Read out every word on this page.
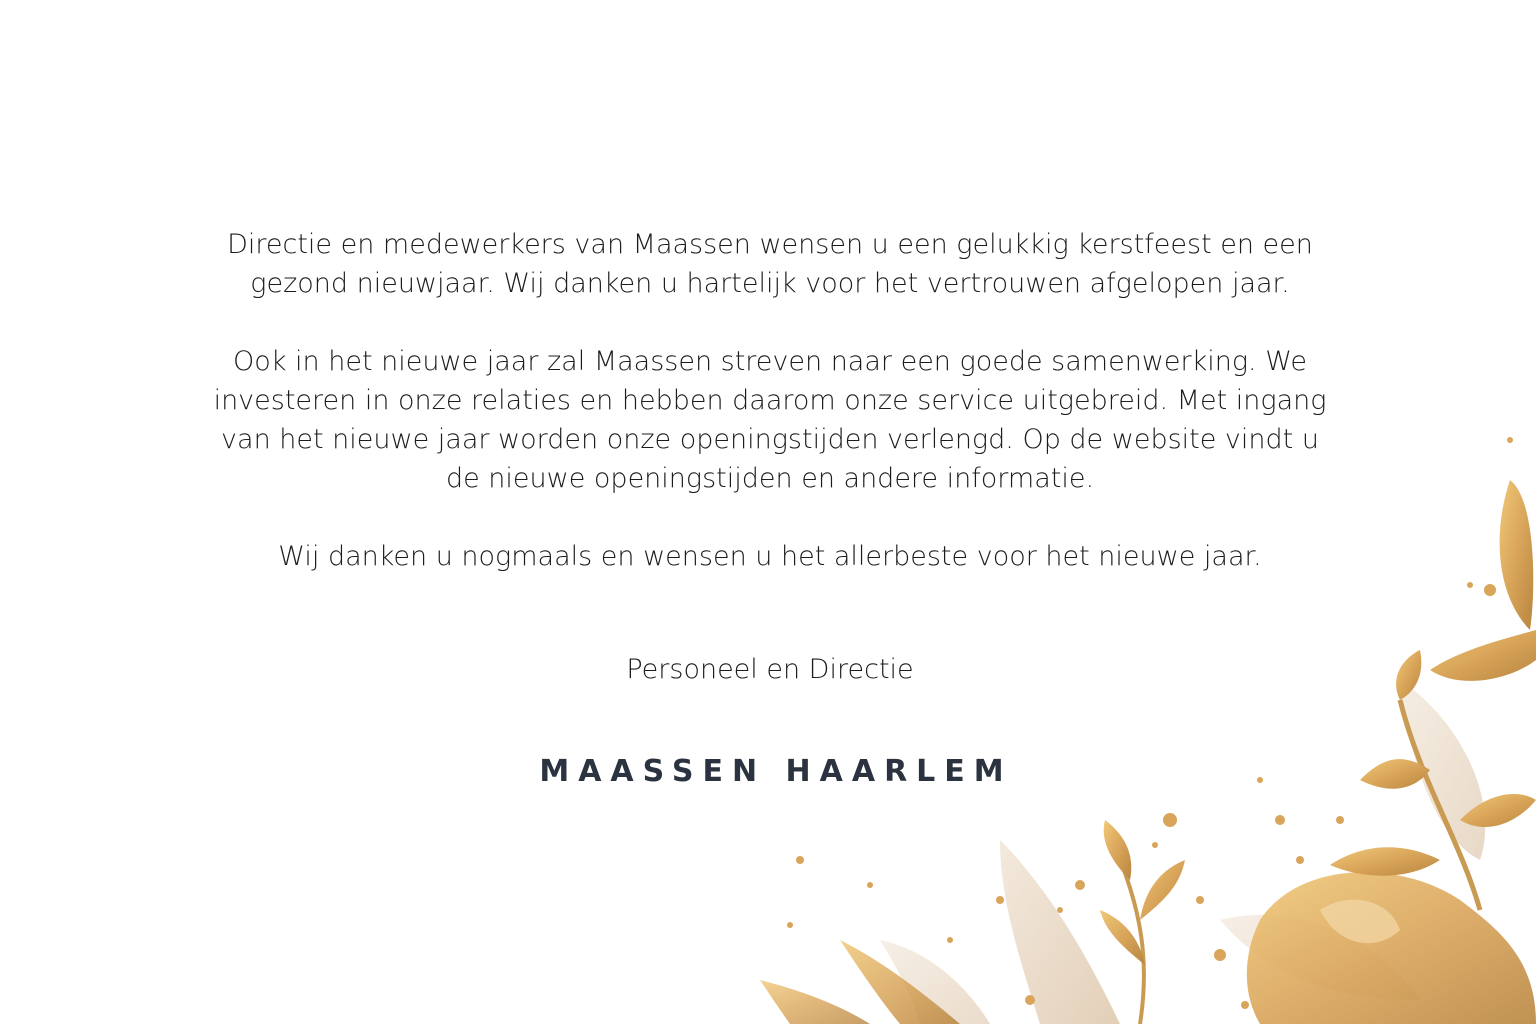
Directie en medewerkers van Maassen wensen u een gelukkig kerstfeest en een
gezond nieuwjaar. Wij danken u hartelijk voor het vertrouwen afgelopen jaar.

Ook in het nieuwe jaar zal Maassen streven naar een goede samenwerking. We
investeren in onze relaties en hebben daarom onze service uitgebreid. Met ingang
van het nieuwe jaar worden onze openingstijden verlengd. Op de website vindt u
de nieuwe openingstijden en andere informatie.

Wij danken u nogmaals en wensen u het allerbeste voor het nieuwe jaar.

Personeel en Directie
MAASSEN HAARLEM
